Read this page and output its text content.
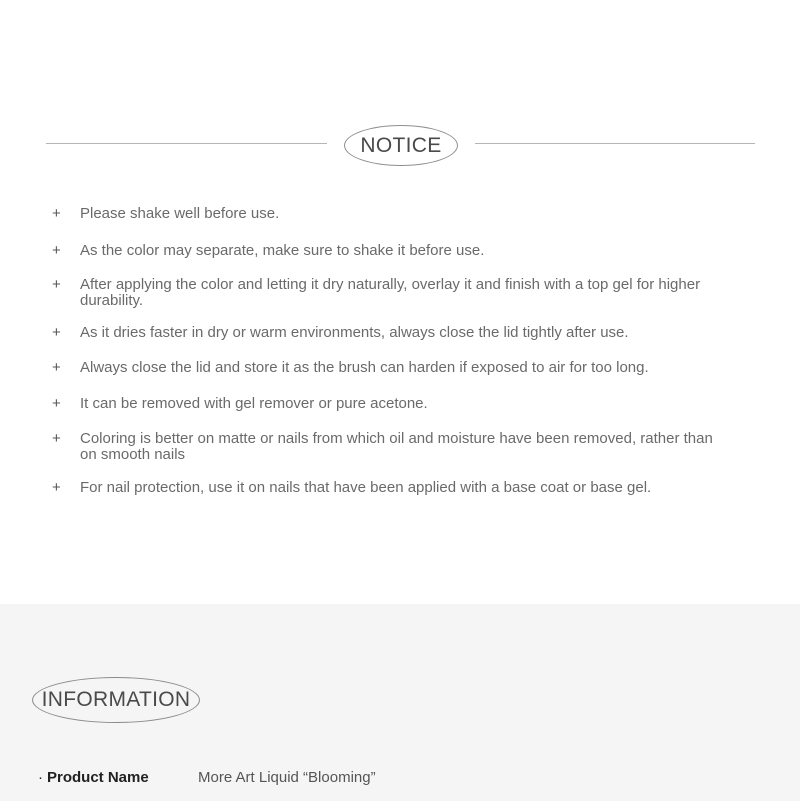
NOTICE
+ Please shake well before use.
+ As the color may separate, make sure to shake it before use.
+ After applying the color and letting it dry naturally, overlay it and finish with a top gel for higher durability.
+ As it dries faster in dry or warm environments, always close the lid tightly after use.
+ Always close the lid and store it as the brush can harden if exposed to air for too long.
+ It can be removed with gel remover or pure acetone.
+ Coloring is better on matte or nails from which oil and moisture have been removed, rather than on smooth nails
+ For nail protection, use it on nails that have been applied with a base coat or base gel.
INFORMATION
· Product Name	More Art Liquid “Blooming”
